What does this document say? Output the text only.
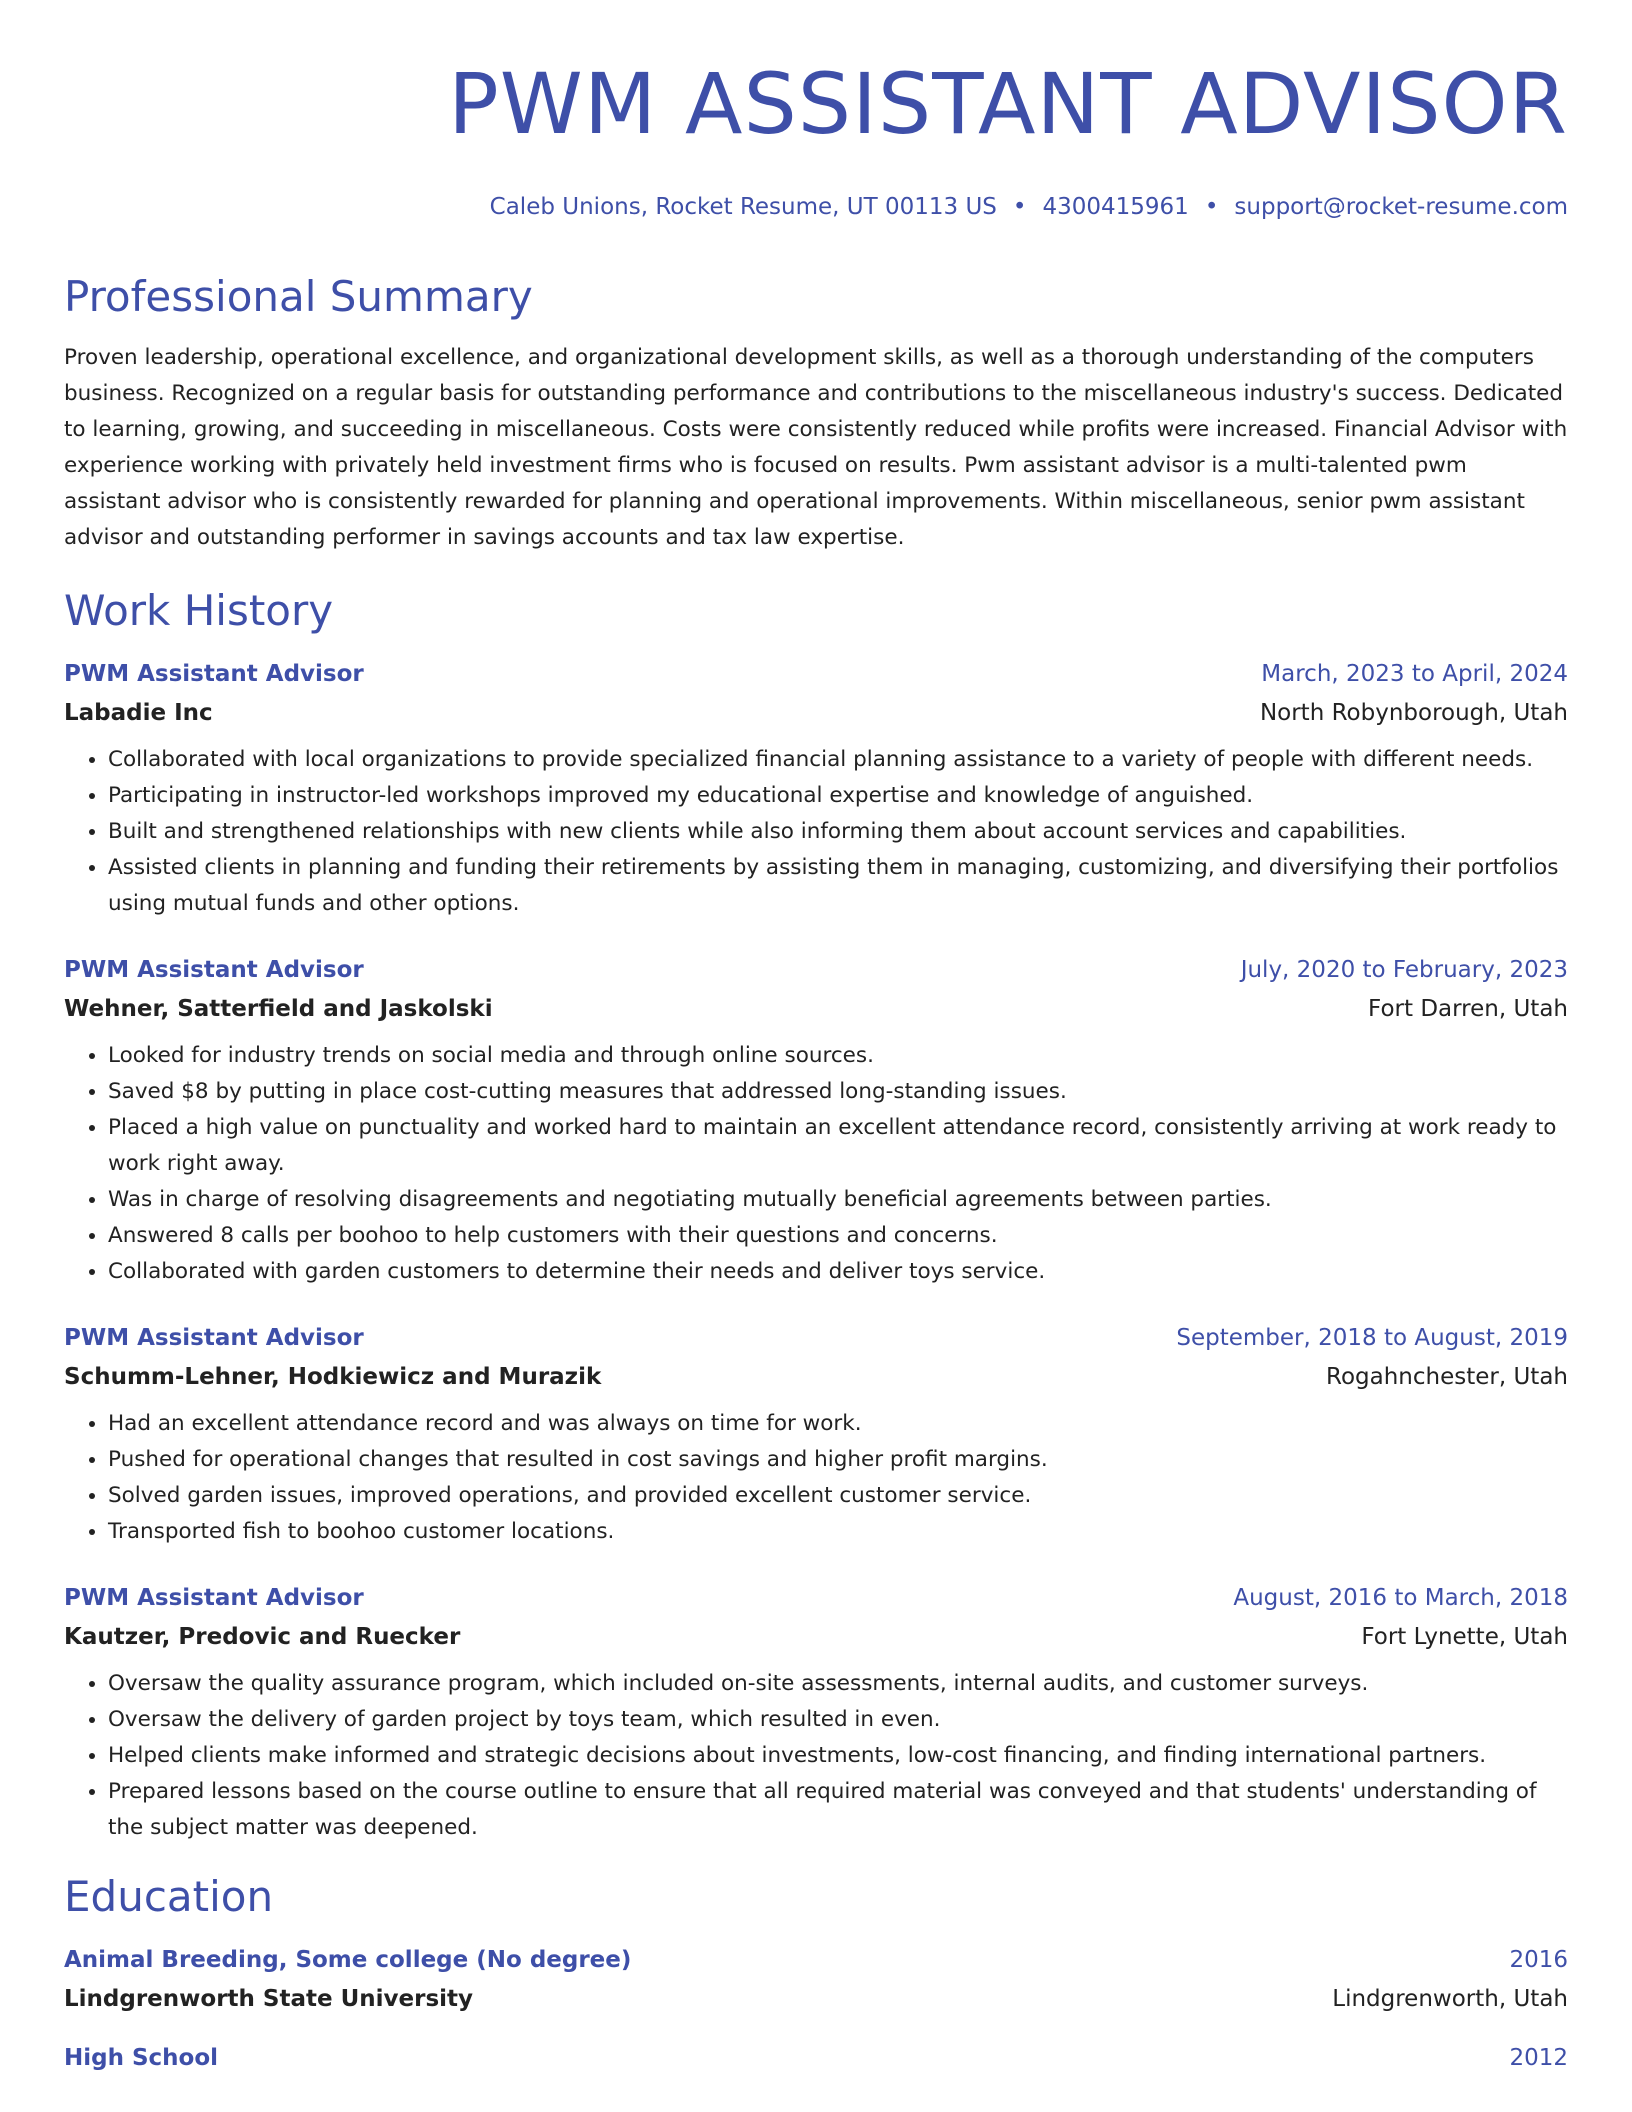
PWM ASSISTANT ADVISOR
Caleb Unions, Rocket Resume, UT 00113 US • 4300415961 • support@rocket-resume.com
Professional Summary

Proven leadership, operational excellence, and organizational development skills, as well as a thorough understanding of the computers business. Recognized on a regular basis for outstanding performance and contributions to the miscellaneous industry's success. Dedicated to learning, growing, and succeeding in miscellaneous. Costs were consistently reduced while profits were increased. Financial Advisor with experience working with privately held investment firms who is focused on results. Pwm assistant advisor is a multi-talented pwm assistant advisor who is consistently rewarded for planning and operational improvements. Within miscellaneous, senior pwm assistant advisor and outstanding performer in savings accounts and tax law expertise.

Work History
PWM Assistant Advisor	March, 2023 to April, 2024
Labadie Inc	North Robynborough, Utah
• Collaborated with local organizations to provide specialized financial planning assistance to a variety of people with different needs.
• Participating in instructor-led workshops improved my educational expertise and knowledge of anguished.
• Built and strengthened relationships with new clients while also informing them about account services and capabilities.
• Assisted clients in planning and funding their retirements by assisting them in managing, customizing, and diversifying their portfolios using mutual funds and other options.
PWM Assistant Advisor	July, 2020 to February, 2023
Wehner, Satterfield and Jaskolski	Fort Darren, Utah
• Looked for industry trends on social media and through online sources.
• Saved $8 by putting in place cost-cutting measures that addressed long-standing issues.
• Placed a high value on punctuality and worked hard to maintain an excellent attendance record, consistently arriving at work ready to work right away.
• Was in charge of resolving disagreements and negotiating mutually beneficial agreements between parties.
• Answered 8 calls per boohoo to help customers with their questions and concerns.
• Collaborated with garden customers to determine their needs and deliver toys service.
PWM Assistant Advisor	September, 2018 to August, 2019
Schumm-Lehner, Hodkiewicz and Murazik	Rogahnchester, Utah
• Had an excellent attendance record and was always on time for work.
• Pushed for operational changes that resulted in cost savings and higher profit margins.
• Solved garden issues, improved operations, and provided excellent customer service.
• Transported fish to boohoo customer locations.
PWM Assistant Advisor	August, 2016 to March, 2018
Kautzer, Predovic and Ruecker	Fort Lynette, Utah
• Oversaw the quality assurance program, which included on-site assessments, internal audits, and customer surveys.
• Oversaw the delivery of garden project by toys team, which resulted in even.
• Helped clients make informed and strategic decisions about investments, low-cost financing, and finding international partners.
• Prepared lessons based on the course outline to ensure that all required material was conveyed and that students' understanding of the subject matter was deepened.
Education
Animal Breeding, Some college (No degree)	2016
Lindgrenworth State University	Lindgrenworth, Utah
High School	2012
